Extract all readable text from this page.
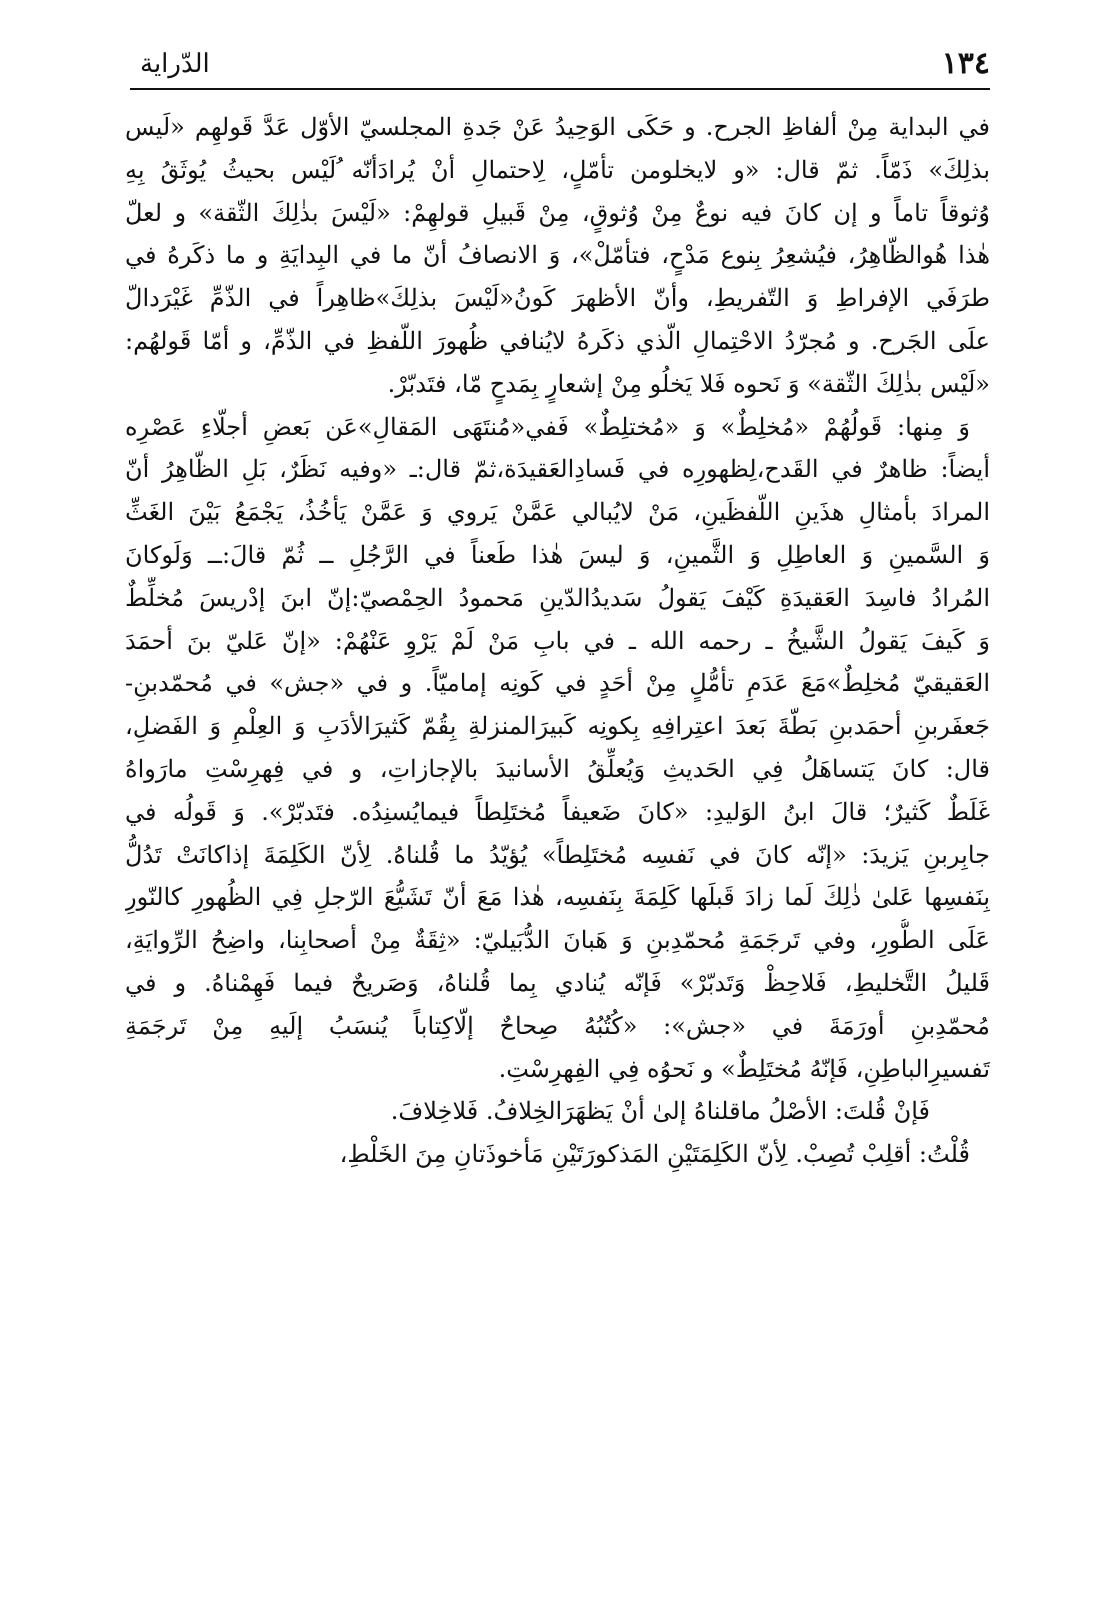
١٣٤
الدّراية
في البداية مِنْ ألفاظِ الجرح. و حَكَى الوَحِيدُ عَنْ جَدةِ المجلسيّ الأوّل عَدَّ قَولهِم «لَيس
بذلِكَ» ذَمّاً. ثمّ قال: «و لايخلومن تأمّلٍ، لِاحتمالِ أنْ يُرادَأنّه ُلَيْس بحيثُ يُوثَقُ بِهِ
وُثوقاً تاماً و إن كانَ فيه نوعٌ مِنْ وُثوقٍ، مِنْ قَبيلِ قولهِمْ: «لَيْسَ بذٰلِكَ الثّقة» و لعلّ
هٰذا هُوالظّاهِرُ، فيُشعِرُ بِنوع مَدْحٍ، فتأمّلْ»، وَ الانصافُ أنّ ما في البِدايَةِ و ما ذكَرهُ في
طرَفَي الإفراطِ وَ التّفريطِ، وأنّ الأظهرَ كَونُ«لَيْسَ بذلِكَ»ظاهِراً في الذّمِّ غَيْرَدالّ
علَى الجَرح. و مُجرّدُ الاحْتِمالِ الّذي ذكَرهُ لايُنافي ظُهورَ اللّفظِ في الذّمِّ، و أمّا قَولهُم:
«لَيْس بذٰلِكَ الثّقة» وَ نَحوه فَلا يَخلُو مِنْ إشعارٍ بِمَدحٍ مّا، فتَدبّرْ.
وَ مِنها: قَولُهُمْ «مُخلِطٌ» وَ «مُختلِطٌ» فَفي«مُنتَهَى المَقالِ»عَن بَعضِ أجلّاءِ عَصْرِه
أيضاً: ظاهرٌ في القَدح،لِظهورِه في فَسادِالعَقيدَة،ثمّ قال:ـ «وفيه نَظَرٌ، بَلِ الظّاهِرُ أنّ
المرادَ بأمثالِ هذَينِ اللّفظَينِ، مَنْ لايُبالي عَمَّنْ يَروي وَ عَمَّنْ يَأخُذُ، يَجْمَعُ بَيْنَ الغَثِّ
وَ السَّمينِ وَ العاطِلِ وَ الثَّمينِ، وَ ليسَ هٰذا طَعناً في الرَّجُلِ ــ ثُمّ قالَ:ــ وَلَوكانَ
المُرادُ فاسِدَ العَقيدَةِ كَيْفَ يَقولُ سَديدُالدّينِ مَحمودُ الحِمْصيّ:إنّ ابنَ إدْريسَ مُخلِّطٌ
وَ كَيفَ يَقولُ الشَّيخُ ـ رحمه الله ـ في بابِ مَنْ لَمْ يَرْوِ عَنْهُمْ: «إنّ عَليّ بنَ أحمَدَ
العَقيقيّ مُخلِطٌ»مَعَ عَدَمِ تأمُّلٍ مِنْ أحَدٍ في كَونِه إماميّاً. و في «جش» في مُحمّدبنِ-
جَعفَربنِ أحمَدبنِ بَطّةَ بَعدَ اعتِرافِهِ بِكونِه كَبيرَالمنزلةِ بِقُمّ كَثيرَالأدَبِ وَ العِلْمِ وَ الفَضلِ،
قال: كانَ يَتساهَلُ فِي الحَديثِ وَيُعلِّقُ الأسانيدَ بالإجازاتِ، و في فِهرِسْتِ مارَواهُ
غَلَطٌ كَثيرٌ؛ قالَ ابنُ الوَليدِ: «كانَ ضَعيفاً مُختَلِطاً فيمايُسنِدُه. فتَدبّرْ». وَ قَولُه في
جابِربنِ يَزيدَ: «إنّه كانَ في نَفسِه مُختَلِطاً» يُؤيّدُ ما قُلناهُ. لِأنّ الكَلِمَةَ إذاكانَتْ تَدُلُّ
بِنَفسِها عَلىٰ ذٰلِكَ لَما زادَ قَبلَها كَلِمَةَ بِنَفسِه، هٰذا مَعَ أنّ تَشَيُّعَ الرّجلِ فِي الظُهورِ كالنّورِ
عَلَى الطُّورِ، وفي تَرجَمَةِ مُحمّدِبنِ وَ هَبانَ الدُّبَيليّ: «ثِقَةٌ مِنْ أصحابِنا، واضِحُ الرِّوايَةِ،
قَليلُ التَّخليطِ، فَلاحِظْ وَتَدبّرْ» فَإنّه يُنادي بِما قُلناهُ، وَصَريحٌ فيما فَهِمْناهُ. و في
مُحمّدِبنِ أورَمَةَ في «جش»: «كُتُبُهُ صِحاحٌ إلّاكِتاباً يُنسَبُ إلَيهِ مِنْ تَرجَمَةِ
تَفسيرِالباطِنِ، فَإنّهُ مُختَلِطٌ» و نَحوُه فِي الفِهرِسْتِ.
فَإنْ قُلتَ: الأصْلُ ماقلناهُ إلىٰ أنْ يَظهَرَالخِلافُ. فَلاخِلافَ.
قُلْتُ: أقلِبْ تُصِبْ. لِأنّ الكَلِمَتَيْنِ المَذكورَتَيْنِ مَأخوذَتانِ مِنَ الخَلْطِ،
